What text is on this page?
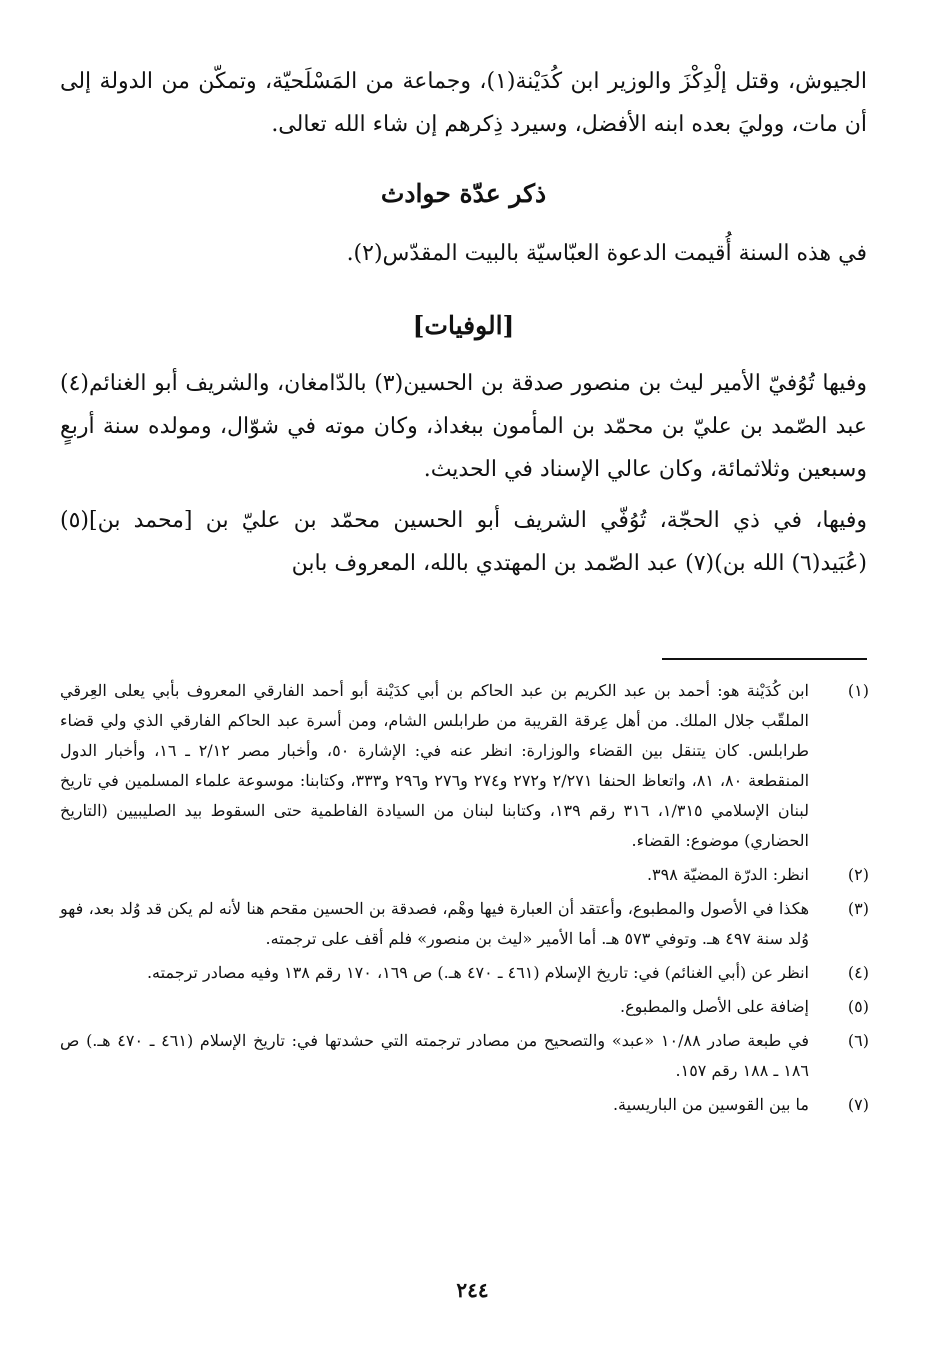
الجيوش، وقتل إلْدِكْزَ والوزير ابن كُدَيْنة(١)، وجماعة من المَسْلَحيّة، وتمكّن من الدولة إلى أن مات، ووليَ بعده ابنه الأفضل، وسيرد ذِكرهم إن شاء الله تعالى.

ذكر عدّة حوادث

في هذه السنة أُقيمت الدعوة العبّاسيّة بالبيت المقدّس(٢).

[الوفيات]

وفيها تُوُفيّ الأمير ليث بن منصور صدقة بن الحسين(٣) بالدّامغان، والشريف أبو الغنائم(٤) عبد الصّمد بن عليّ بن محمّد بن المأمون ببغداذ، وكان موته في شوّال، ومولده سنة أربعٍ وسبعين وثلاثمائة، وكان عالي الإسناد في الحديث.

وفيها، في ذي الحجّة، تُوُفّي الشريف أبو الحسين محمّد بن عليّ بن [محمد بن](٥) (عُبَيد(٦) الله بن)(٧) عبد الصّمد بن المهتدي بالله، المعروف بابن

(١)
ابن كُدَيْنة هو: أحمد بن عبد الكريم بن عبد الحاكم بن أبي كدَيْنة أبو أحمد الفارقي المعروف بأبي يعلى العِرقي الملقّب جلال الملك. من أهل عِرقة القريبة من طرابلس الشام، ومن أسرة عبد الحاكم الفارقي الذي ولي قضاء طرابلس. كان يتنقل بين القضاء والوزارة: انظر عنه في: الإشارة ٥٠، وأخبار مصر ٢/١٢ ـ ١٦، وأخبار الدول المنقطعة ٨٠، ٨١، واتعاظ الحنفا ٢/٢٧١ و٢٧٢ و٢٧٤ و٢٧٦ و٢٩٦ و٣٣٣، وكتابنا: موسوعة علماء المسلمين في تاريخ لبنان الإسلامي ١/٣١٥، ٣١٦ رقم ١٣٩، وكتابنا لبنان من السيادة الفاطمية حتى السقوط بيد الصليبيين (التاريخ الحضاري) موضوع: القضاء.
(٢)
انظر: الدرّة المضيّة ٣٩٨.
(٣)
هكذا في الأصول والمطبوع، وأعتقد أن العبارة فيها وهْم، فصدقة بن الحسين مقحم هنا لأنه لم يكن قد وُلد بعد، فهو وُلد سنة ٤٩٧ هـ. وتوفي ٥٧٣ هـ. أما الأمير «ليث بن منصور» فلم أقف على ترجمته.
(٤)
انظر عن (أبي الغنائم) في: تاريخ الإسلام (٤٦١ ـ ٤٧٠ هـ.) ص ١٦٩، ١٧٠ رقم ١٣٨ وفيه مصادر ترجمته.
(٥)
إضافة على الأصل والمطبوع.
(٦)
في طبعة صادر ١٠/٨٨ «عبد» والتصحيح من مصادر ترجمته التي حشدتها في: تاريخ الإسلام (٤٦١ ـ ٤٧٠ هـ.) ص ١٨٦ ـ ١٨٨ رقم ١٥٧.
(٧)
ما بين القوسين من الباريسية.
٢٤٤
